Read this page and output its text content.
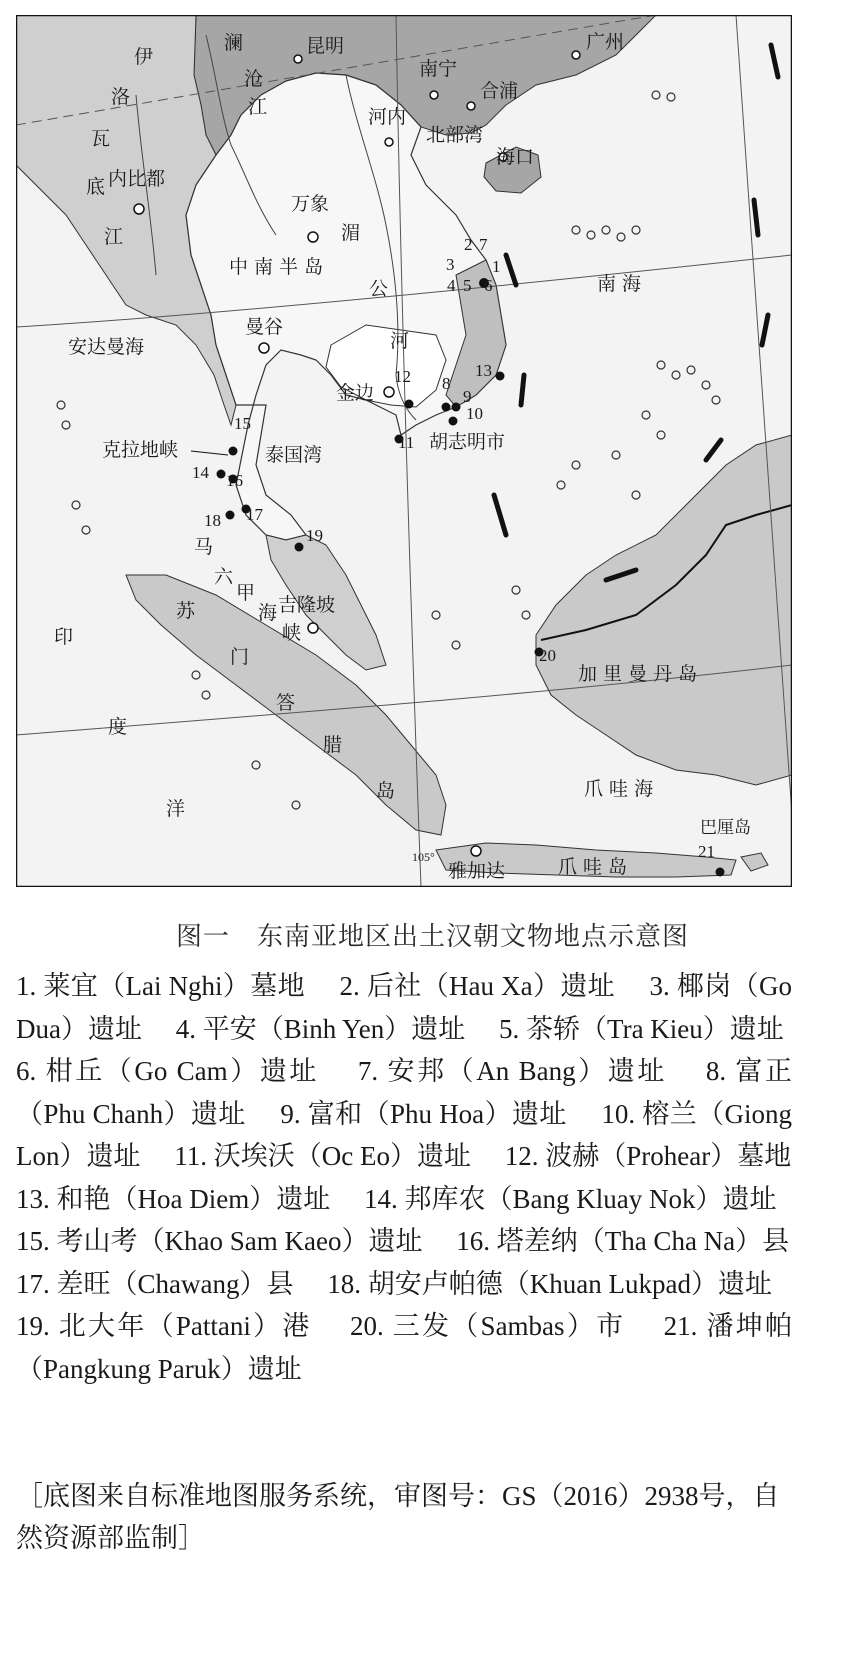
伊
洛
瓦
底
江
澜
沧
江
昆明
南宁
广州
合浦
河内
北部湾
海口
内比都
万象
湄
公
河
中 南 半 岛
南 海
安达曼海
曼谷
金边
胡志明市
克拉地峡	泰国湾
马
六
甲
海
峡
吉隆坡
苏
门
答
腊
岛
印
度
洋
加 里 曼 丹 岛
爪 哇 海
爪 哇 岛
雅加达
巴厘岛
105°
2 7
3 1
4 5 6
13
12 8
9
10
11
15
14 16
18 17
19
20
21
图一　东南亚地区出土汉朝文物地点示意图
1. 莱宜（Lai Nghi）墓地　 2. 后社（Hau Xa）遗址　 3. 椰岗（Go Dua）遗址　 4. 平安（Binh Yen）遗址　 5. 茶轿（Tra Kieu）遗址　 6. 柑丘（Go Cam）遗址　 7. 安邦（An Bang）遗址　 8. 富正（Phu Chanh）遗址　 9. 富和（Phu Hoa）遗址　 10. 榕兰（Giong Lon）遗址　 11. 沃埃沃（Oc Eo）遗址　 12. 波赫（Prohear）墓地　 13. 和艳（Hoa Diem）遗址　 14. 邦库农（Bang Kluay Nok）遗址　 15. 考山考（Khao Sam Kaeo）遗址　 16. 塔差纳（Tha Cha Na）县　 17. 差旺（Chawang）县　 18. 胡安卢帕德（Khuan Lukpad）遗址　 19. 北大年（Pattani）港　 20. 三发（Sambas）市　 21. 潘坤帕（Pangkung Paruk）遗址
［底图来自标准地图服务系统，审图号：GS（2016）2938号，自然资源部监制］
